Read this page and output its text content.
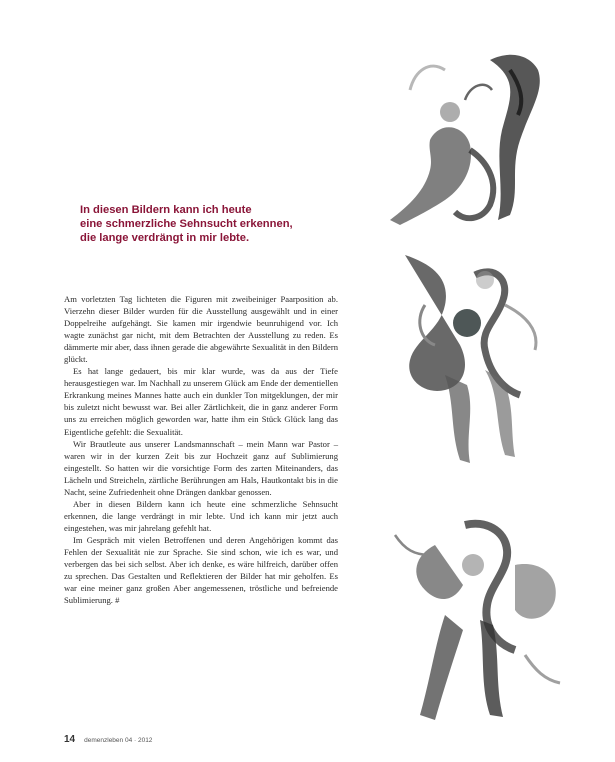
In diesen Bildern kann ich heute
eine schmerzliche Sehnsucht erkennen,
die lange verdrängt in mir lebte.

Am vorletzten Tag lichteten die Figuren mit zweibeiniger Paarposition ab. Vierzehn dieser Bilder wurden für die Ausstellung ausgewählt und in einer Doppelreihe aufgehängt. Sie kamen mir irgendwie beunruhigend vor. Ich wagte zunächst gar nicht, mit dem Betrachten der Ausstellung zu reden. Es dämmerte mir aber, dass ihnen gerade die abgewährte Sexualität in den Bildern glückt.

Es hat lange gedauert, bis mir klar wurde, was da aus der Tiefe herausgestiegen war. Im Nachhall zu unserem Glück am Ende der dementiellen Erkrankung meines Mannes hatte auch ein dunkler Ton mitgeklungen, der mir bis zuletzt nicht bewusst war. Bei aller Zärtlichkeit, die in ganz anderer Form uns zu erreichen möglich geworden war, hatte ihm ein Stück Glück lang das Eigentliche gefehlt: die Sexualität.

Wir Brautleute aus unserer Landsmannschaft – mein Mann war Pastor – waren wir in der kurzen Zeit bis zur Hochzeit ganz auf Sublimierung eingestellt. So hatten wir die vorsichtige Form des zarten Miteinanders, das Lächeln und Streicheln, zärtliche Berührungen am Hals, Hautkontakt bis in die Nacht, seine Zufriedenheit ohne Drängen dankbar genossen.

Aber in diesen Bildern kann ich heute eine schmerzliche Sehnsucht erkennen, die lange verdrängt in mir lebte. Und ich kann mir jetzt auch eingestehen, was mir jahrelang gefehlt hat.

Im Gespräch mit vielen Betroffenen und deren Angehörigen kommt das Fehlen der Sexualität nie zur Sprache. Sie sind schon, wie ich es war, und verbergen das bei sich selbst. Aber ich denke, es wäre hilfreich, darüber offen zu sprechen. Das Gestalten und Reflektieren der Bilder hat mir geholfen. Es war eine meiner ganz großen Aber angemessenen, tröstliche und befreiende Sublimierung. #

14 demenzleben 04 · 2012
